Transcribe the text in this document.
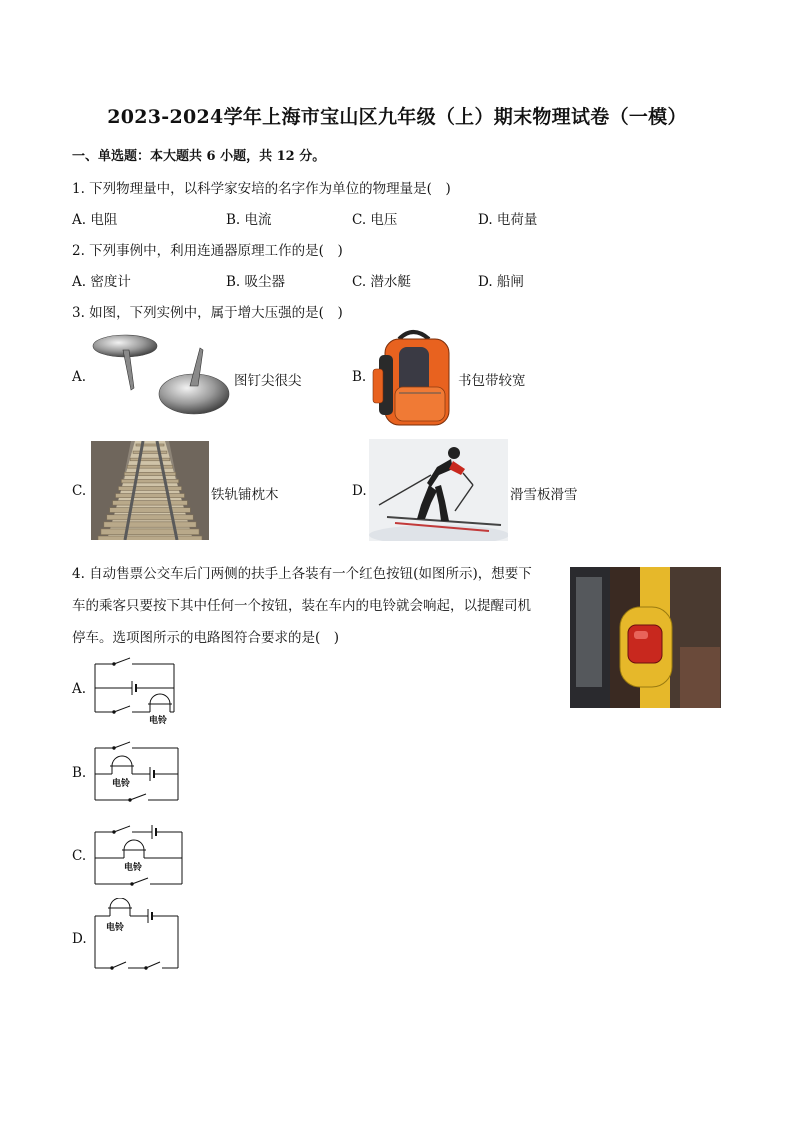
2023-2024学年上海市宝山区九年级（上）期末物理试卷（一模）
一、单选题：本大题共 6 小题，共 12 分。
1. 下列物理量中，以科学家安培的名字作为单位的物理量是(　)
A. 电阻	B. 电流	C. 电压	D. 电荷量
2. 下列事例中，利用连通器原理工作的是(　)
A. 密度计	B. 吸尘器	C. 潜水艇	D. 船闸
3. 如图，下列实例中，属于增大压强的是(　)
A.	图钉尖很尖	B.	书包带较宽
C.	铁轨铺枕木	D.	滑雪板滑雪
4. 自动售票公交车后门两侧的扶手上各装有一个红色按钮(如图所示)，想要下
车的乘客只要按下其中任何一个按钮，装在车内的电铃就会响起，以提醒司机
停车。选项图所示的电路图符合要求的是(　)
A.
电铃
B.
电铃
C.
电铃
D.
电铃
